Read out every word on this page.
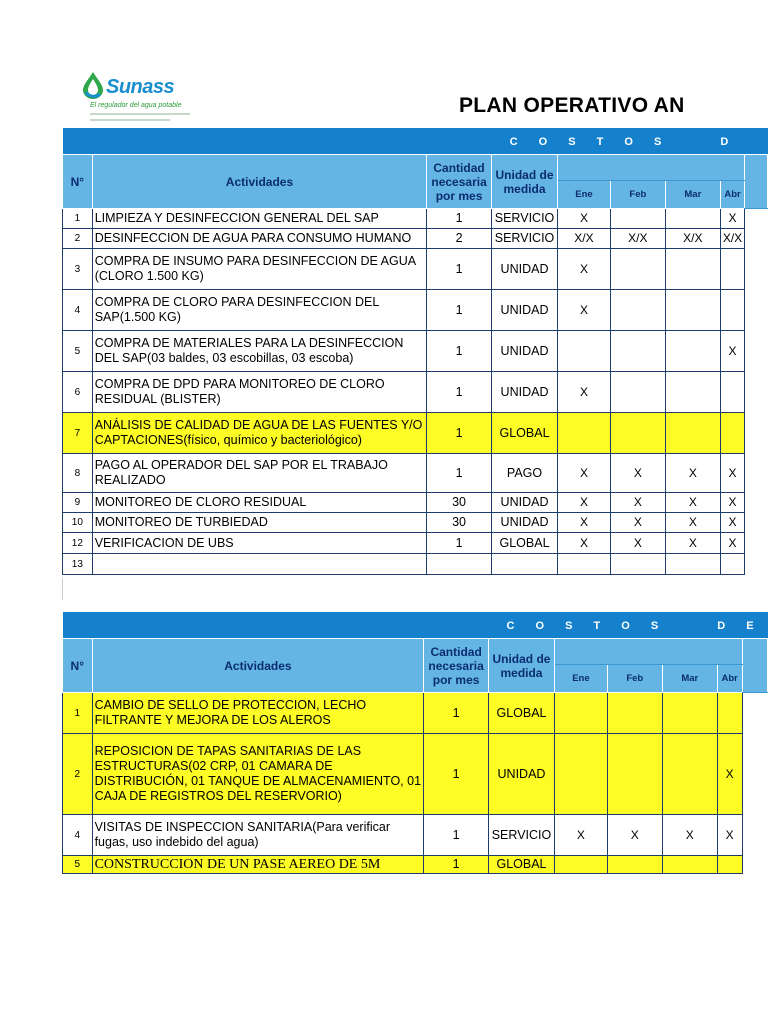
Sunass
El regulador del agua potable	PLAN OPERATIVO AN
				C O S T O S			D	
N°	Actividades	Cantidad necesaria por mes	Unidad de medida					
				Ene	Feb	Mar	Abr	
1	LIMPIEZA Y DESINFECCION GENERAL DEL SAP	1	SERVICIO	X			X	
2	DESINFECCION DE AGUA PARA CONSUMO HUMANO	2	SERVICIO	X/X	X/X	X/X	X/X	
3	COMPRA DE INSUMO PARA DESINFECCION DE AGUA (CLORO 1.500 KG)	1	UNIDAD	X				
4	COMPRA DE CLORO PARA DESINFECCION DEL SAP(1.500 KG)	1	UNIDAD	X				
5	COMPRA DE MATERIALES PARA LA DESINFECCION DEL SAP(03 baldes, 03 escobillas, 03 escoba)	1	UNIDAD				X	
6	COMPRA DE DPD PARA MONITOREO DE CLORO RESIDUAL (BLISTER)	1	UNIDAD	X				
7	ANÁLISIS DE CALIDAD DE AGUA DE LAS FUENTES Y/O CAPTACIONES(físico, químico y bacteriológico)	1	GLOBAL					
8	PAGO AL OPERADOR DEL SAP POR EL TRABAJO REALIZADO	1	PAGO	X	X	X	X	
9	MONITOREO DE CLORO RESIDUAL	30	UNIDAD	X	X	X	X	
10	MONITOREO DE TURBIEDAD	30	UNIDAD	X	X	X	X	
12	VERIFICACION DE UBS	1	GLOBAL	X	X	X	X	
13								
				C O S T O S			D E	
N°	Actividades	Cantidad necesaria por mes	Unidad de medida					
				Ene	Feb	Mar	Abr	
1	CAMBIO DE SELLO DE PROTECCION, LECHO FILTRANTE Y MEJORA DE LOS ALEROS	1	GLOBAL					
2	REPOSICION DE TAPAS SANITARIAS DE LAS ESTRUCTURAS(02 CRP, 01 CAMARA DE DISTRIBUCIÓN, 01 TANQUE DE ALMACENAMIENTO, 01 CAJA DE REGISTROS DEL RESERVORIO)	1	UNIDAD				X	
4	VISITAS DE INSPECCION SANITARIA(Para verificar fugas, uso indebido del agua)	1	SERVICIO	X	X	X	X	
5	CONSTRUCCION DE UN PASE AEREO DE 5M	1	GLOBAL					
